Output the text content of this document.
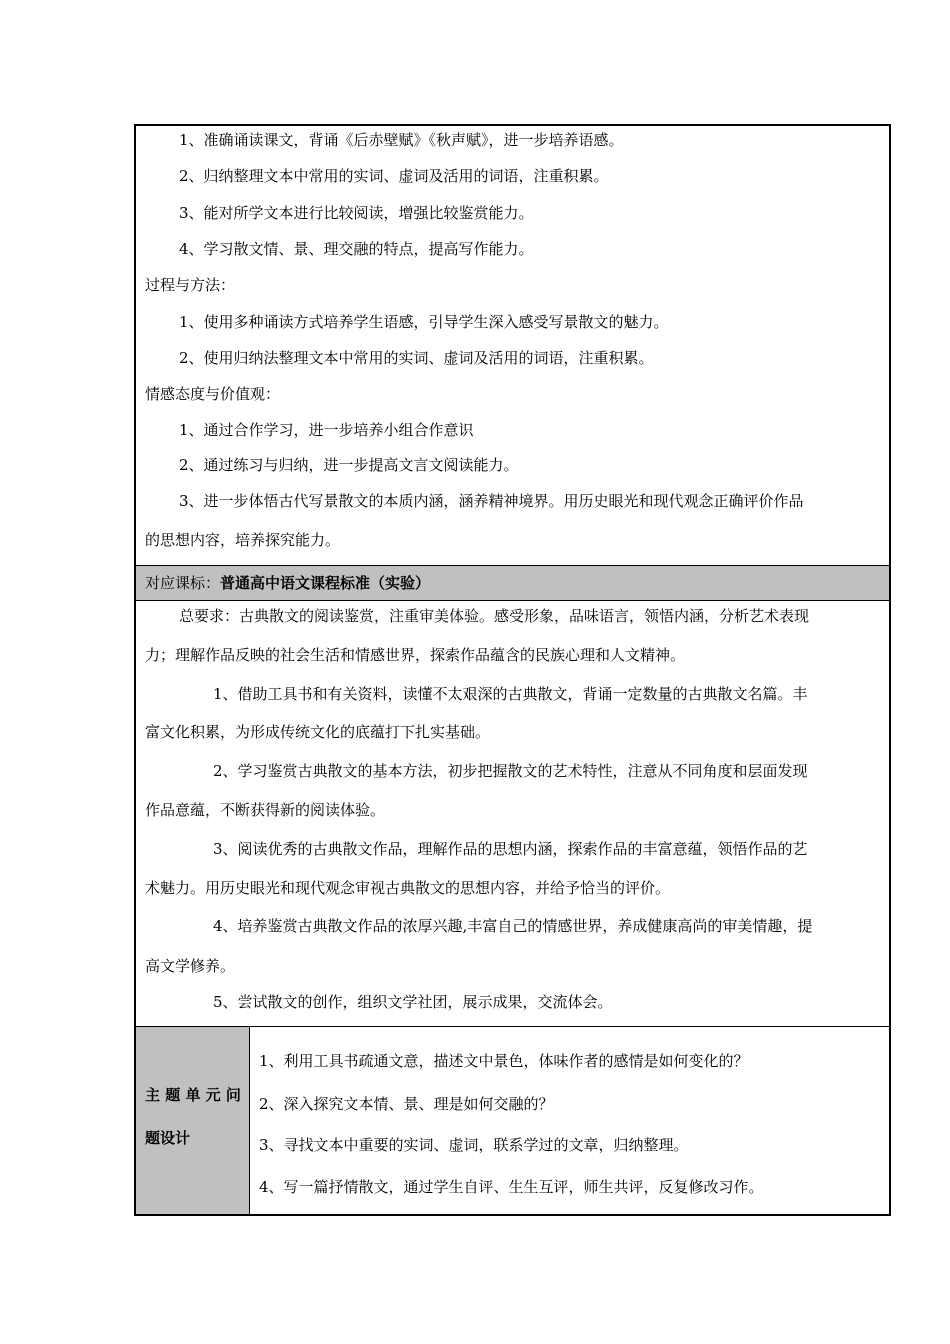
1、准确诵读课文，背诵《后赤壁赋》《秋声赋》，进一步培养语感。
2、归纳整理文本中常用的实词、虚词及活用的词语，注重积累。
3、能对所学文本进行比较阅读，增强比较鉴赏能力。
4、学习散文情、景、理交融的特点，提高写作能力。
过程与方法：
1、使用多种诵读方式培养学生语感，引导学生深入感受写景散文的魅力。
2、使用归纳法整理文本中常用的实词、虚词及活用的词语，注重积累。
情感态度与价值观：
1、通过合作学习，进一步培养小组合作意识
2、通过练习与归纳，进一步提高文言文阅读能力。
3、进一步体悟古代写景散文的本质内涵，涵养精神境界。用历史眼光和现代观念正确评价作品
的思想内容，培养探究能力。
对应课标：普通高中语文课程标准（实验）
总要求：古典散文的阅读鉴赏，注重审美体验。感受形象，品味语言，领悟内涵，分析艺术表现
力；理解作品反映的社会生活和情感世界，探索作品蕴含的民族心理和人文精神。
1、借助工具书和有关资料，读懂不太艰深的古典散文，背诵一定数量的古典散文名篇。丰
富文化积累，为形成传统文化的底蕴打下扎实基础。
2、学习鉴赏古典散文的基本方法，初步把握散文的艺术特性，注意从不同角度和层面发现
作品意蕴，不断获得新的阅读体验。
3、阅读优秀的古典散文作品，理解作品的思想内涵，探索作品的丰富意蕴，领悟作品的艺
术魅力。用历史眼光和现代观念审视古典散文的思想内容，并给予恰当的评价。
4、培养鉴赏古典散文作品的浓厚兴趣,丰富自己的情感世界，养成健康高尚的审美情趣，提
高文学修养。
5、尝试散文的创作，组织文学社团，展示成果，交流体会。
主 题 单 元 问
题设计
1、利用工具书疏通文意，描述文中景色，体味作者的感情是如何变化的？
2、深入探究文本情、景、理是如何交融的？
3、寻找文本中重要的实词、虚词，联系学过的文章，归纳整理。
4、写一篇抒情散文，通过学生自评、生生互评，师生共评，反复修改习作。
